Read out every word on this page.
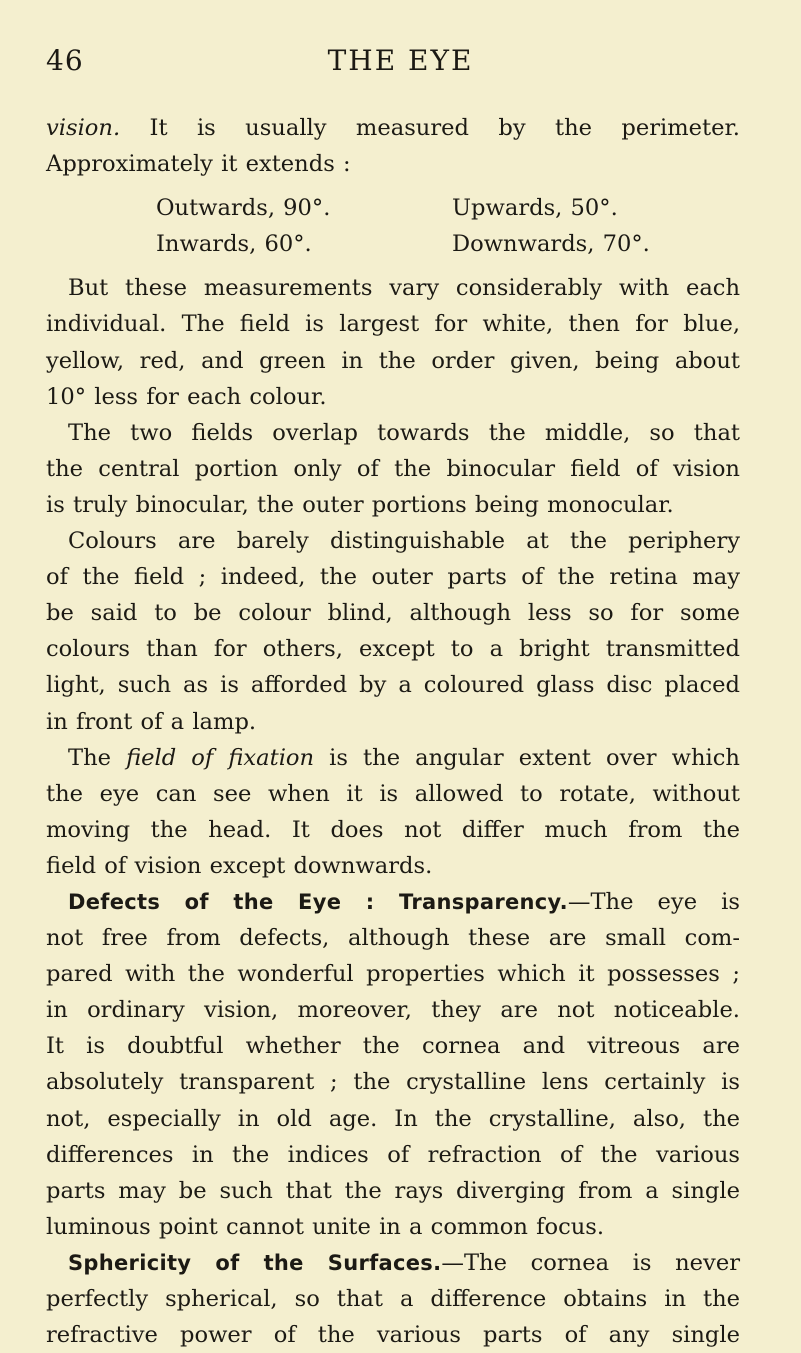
46	THE EYE
vision. It is usually measured by the perimeter.
Approximately it extends :
Outwards, 90°.	Upwards, 50°.
Inwards, 60°.	Downwards, 70°.
But these measurements vary considerably with each
individual. The field is largest for white, then for blue,
yellow, red, and green in the order given, being about
10° less for each colour.
The two fields overlap towards the middle, so that
the central portion only of the binocular field of vision
is truly binocular, the outer portions being monocular.
Colours are barely distinguishable at the periphery
of the field ; indeed, the outer parts of the retina may
be said to be colour blind, although less so for some
colours than for others, except to a bright transmitted
light, such as is afforded by a coloured glass disc placed
in front of a lamp.
The field of fixation is the angular extent over which
the eye can see when it is allowed to rotate, without
moving the head. It does not differ much from the
field of vision except downwards.
Defects of the Eye : Transparency.—The eye is
not free from defects, although these are small com-
pared with the wonderful properties which it possesses ;
in ordinary vision, moreover, they are not noticeable.
It is doubtful whether the cornea and vitreous are
absolutely transparent ; the crystalline lens certainly is
not, especially in old age. In the crystalline, also, the
differences in the indices of refraction of the various
parts may be such that the rays diverging from a single
luminous point cannot unite in a common focus.
Sphericity of the Surfaces.—The cornea is never
perfectly spherical, so that a difference obtains in the
refractive power of the various parts of any single
